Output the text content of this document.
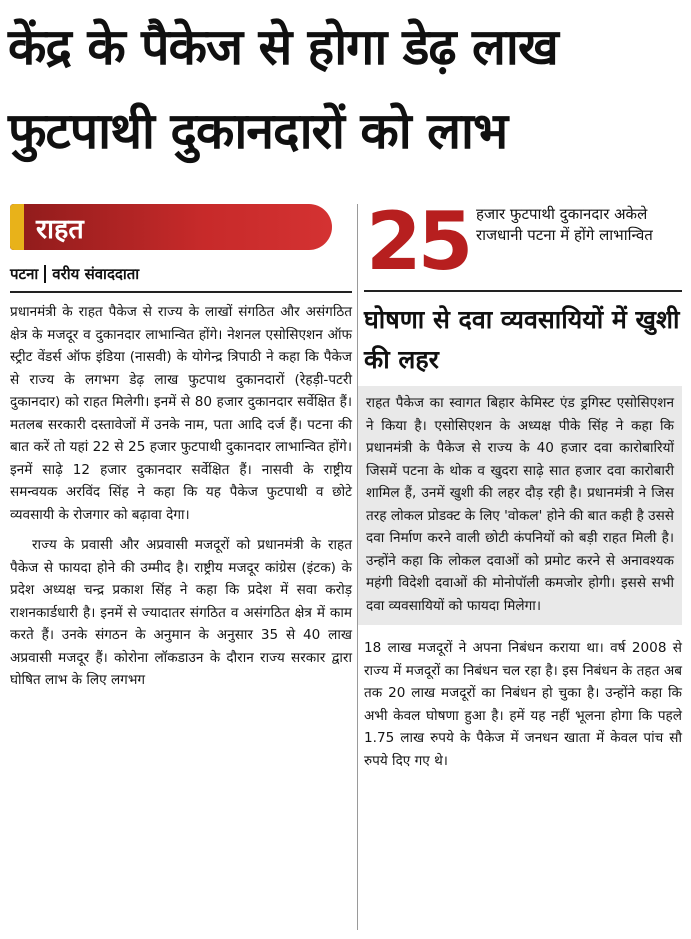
केंद्र के पैकेज से होगा डेढ़ लाख
फुटपाथी दुकानदारों को लाभ
राहत
पटना वरीय संवाददाता

प्रधानमंत्री के राहत पैकेज से राज्य के लाखों संगठित और असंगठित क्षेत्र के मजदूर व दुकानदार लाभान्वित होंगे। नेशनल एसोसिएशन ऑफ स्ट्रीट वेंडर्स ऑफ इंडिया (नासवी) के योगेन्द्र त्रिपाठी ने कहा कि पैकेज से राज्य के लगभग डेढ़ लाख फुटपाथ दुकानदारों (रेहड़ी-पटरी दुकानदार) को राहत मिलेगी। इनमें से 80 हजार दुकानदार सर्वेक्षित हैं। मतलब सरकारी दस्तावेजों में उनके नाम, पता आदि दर्ज हैं। पटना की बात करें तो यहां 22 से 25 हजार फुटपाथी दुकानदार लाभान्वित होंगे। इनमें साढ़े 12 हजार दुकानदार सर्वेक्षित हैं। नासवी के राष्ट्रीय समन्वयक अरविंद सिंह ने कहा कि यह पैकेज फुटपाथी व छोटे व्यवसायी के रोजगार को बढ़ावा देगा।

राज्य के प्रवासी और अप्रवासी मजदूरों को प्रधानमंत्री के राहत पैकेज से फायदा होने की उम्मीद है। राष्ट्रीय मजदूर कांग्रेस (इंटक) के प्रदेश अध्यक्ष चन्द्र प्रकाश सिंह ने कहा कि प्रदेश में सवा करोड़ राशनकार्डधारी है। इनमें से ज्यादातर संगठित व असंगठित क्षेत्र में काम करते हैं। उनके संगठन के अनुमान के अनुसार 35 से 40 लाख अप्रवासी मजदूर हैं। कोरोना लॉकडाउन के दौरान राज्य सरकार द्वारा घोषित लाभ के लिए लगभग

25 हजार फुटपाथी दुकानदार अकेले राजधानी पटना में होंगे लाभान्वित
घोषणा से दवा व्यवसायियों में खुशी की लहर

राहत पैकेज का स्वागत बिहार केमिस्ट एंड ड्रगिस्ट एसोसिएशन ने किया है। एसोसिएशन के अध्यक्ष पीके सिंह ने कहा कि प्रधानमंत्री के पैकेज से राज्य के 40 हजार दवा कारोबारियों जिसमें पटना के थोक व खुदरा साढ़े सात हजार दवा कारोबारी शामिल हैं, उनमें खुशी की लहर दौड़ रही है। प्रधानमंत्री ने जिस तरह लोकल प्रोडक्ट के लिए 'वोकल' होने की बात कही है उससे दवा निर्माण करने वाली छोटी कंपनियों को बड़ी राहत मिली है। उन्होंने कहा कि लोकल दवाओं को प्रमोट करने से अनावश्यक महंगी विदेशी दवाओं की मोनोपॉली कमजोर होगी। इससे सभी दवा व्यवसायियों को फायदा मिलेगा।

18 लाख मजदूरों ने अपना निबंधन कराया था। वर्ष 2008 से राज्य में मजदूरों का निबंधन चल रहा है। इस निबंधन के तहत अब तक 20 लाख मजदूरों का निबंधन हो चुका है। उन्होंने कहा कि अभी केवल घोषणा हुआ है। हमें यह नहीं भूलना होगा कि पहले 1.75 लाख रुपये के पैकेज में जनधन खाता में केवल पांच सौ रुपये दिए गए थे।
